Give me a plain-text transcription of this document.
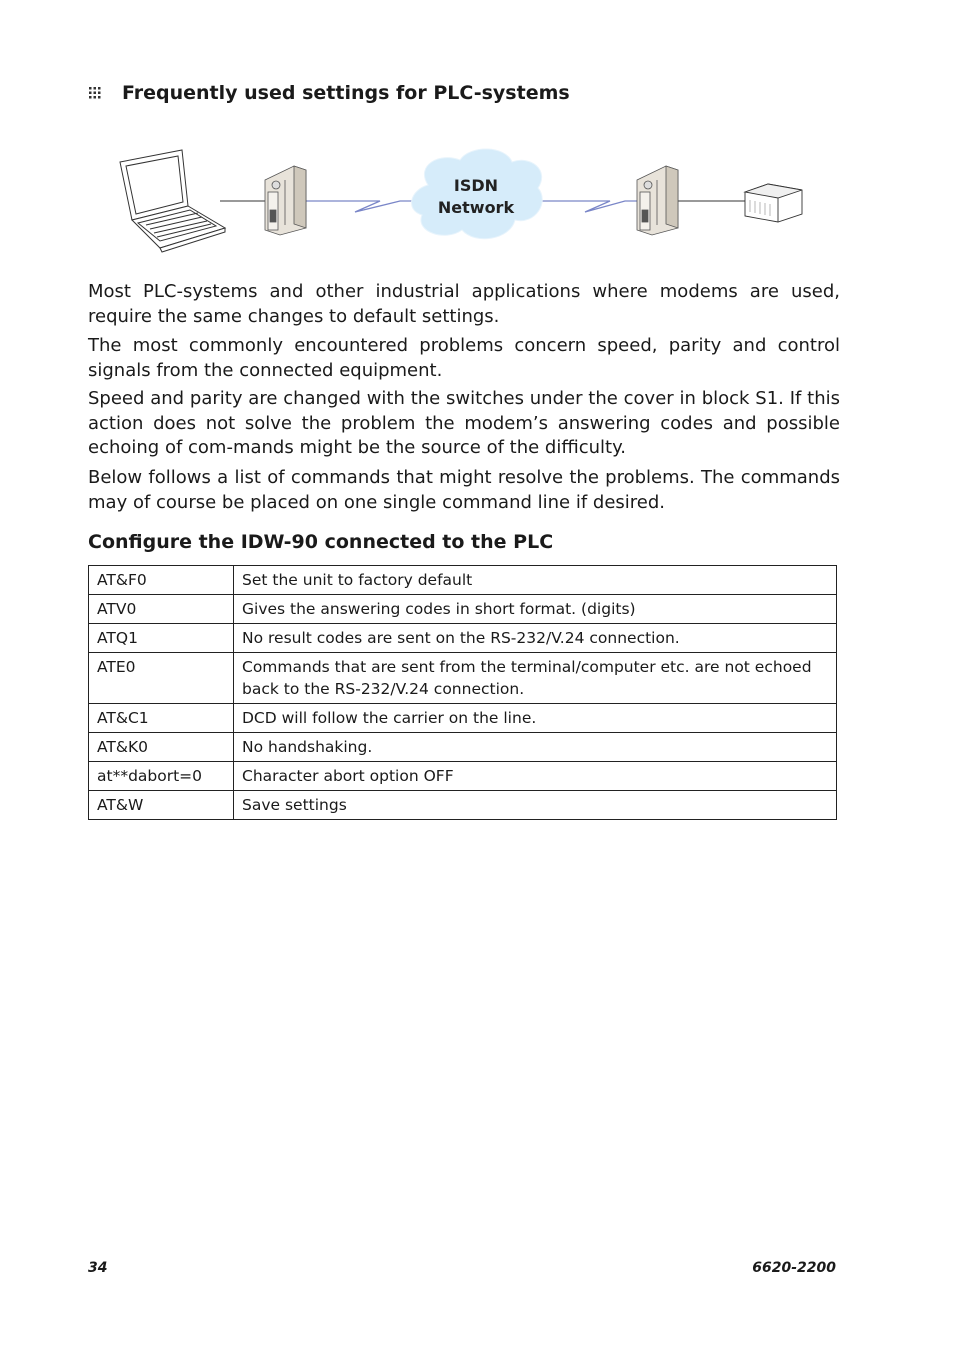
Frequently used settings for PLC-systems
ISDN
Network

Most PLC-systems and other industrial applications where modems are used, require the same changes to default settings.

The most commonly encountered problems concern speed, parity and control signals from the connected equipment.

Speed and parity are changed with the switches under the cover in block S1. If this action does not solve the problem the modem’s answering codes and possible echoing of com-mands might be the source of the difficulty.

Below follows a list of commands that might resolve the problems. The commands may of course be placed on one single command line if desired.

Configure the IDW-90 connected to the PLC
AT&F0	Set the unit to factory default
ATV0	Gives the answering codes in short format. (digits)
ATQ1	No result codes are sent on the RS-232/V.24 connection.
ATE0	Commands that are sent from the terminal/computer etc. are not echoed back to the RS-232/V.24 connection.
AT&C1	DCD will follow the carrier on the line.
AT&K0	No handshaking.
at**dabort=0	Character abort option OFF
AT&W	Save settings
34	6620-2200
